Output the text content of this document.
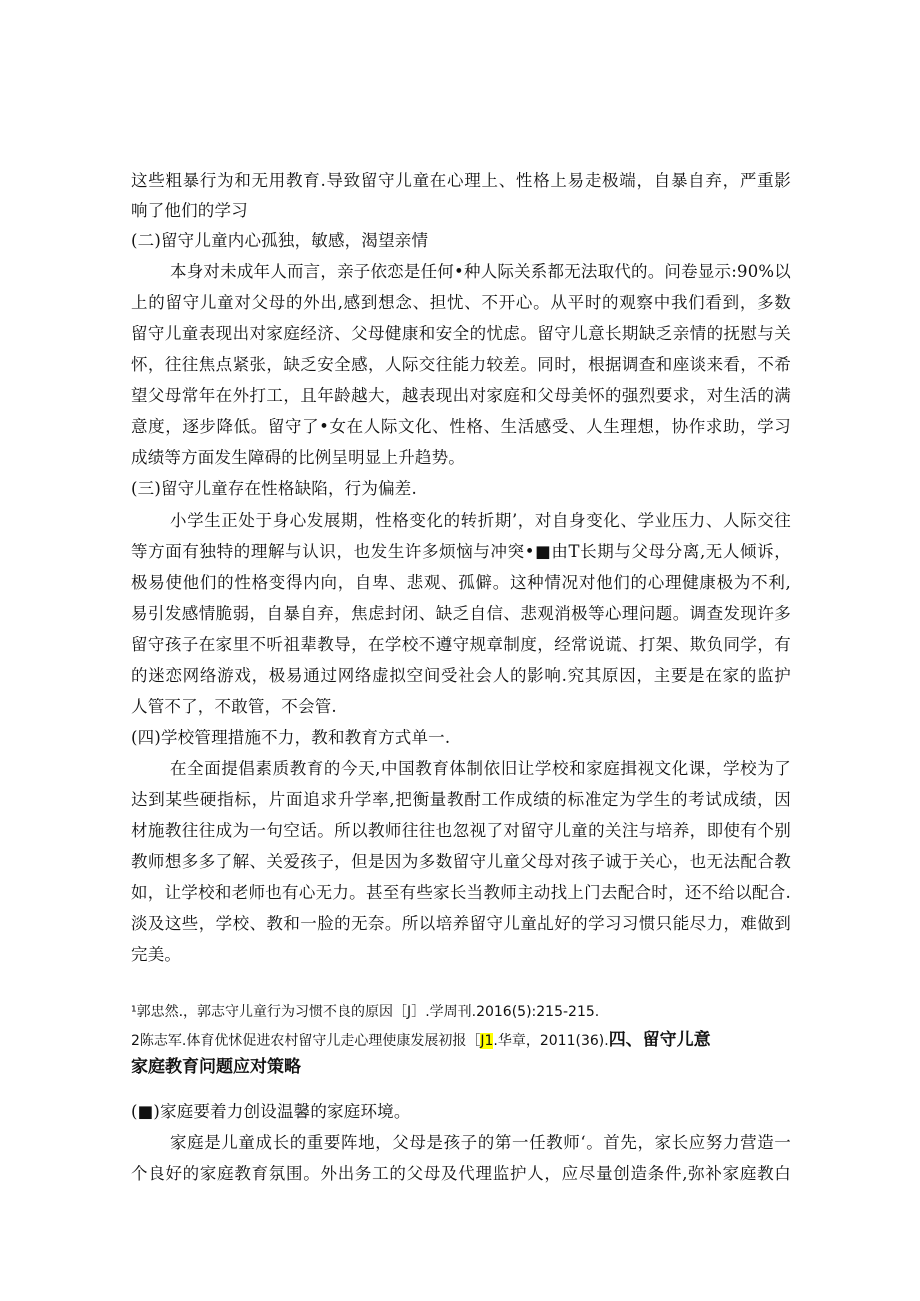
这些粗暴行为和无用教育.导致留守儿童在心理上、性格上易走极端，自暴自弃，严重影
响了他们的学习
(二)留守儿童内心孤独，敏感，渴望亲情
本身对未成年人而言，亲子依恋是任何•种人际关系都无法取代的。问卷显示:90%以
上的留守儿童对父母的外出,感到想念、担忧、不开心。从平时的观察中我们看到，多数
留守儿童表现出对家庭经济、父母健康和安全的忧虑。留守儿意长期缺乏亲情的抚慰与关
怀，往往焦点紧张，缺乏安全感，人际交往能力较差。同时，根据调查和座谈来看，不希
望父母常年在外打工，且年龄越大，越表现出对家庭和父母美怀的强烈要求，对生活的满
意度，逐步降低。留守了•女在人际文化、性格、生活感受、人生理想，协作求助，学习
成绩等方面发生障碍的比例呈明显上升趋势。
(三)留守儿童存在性格缺陷，行为偏差.
小学生正处于身心发展期，性格变化的转折期’，对自身变化、学业压力、人际交往
等方面有独特的理解与认识，也发生许多烦恼与冲突•■由T长期与父母分离,无人倾诉，
极易使他们的性格变得内向，自卑、悲观、孤僻。这种情况对他们的心理健康极为不利,
易引发感情脆弱，自暴自弃，焦虑封闭、缺乏自信、悲观消极等心理问题。调查发现许多
留守孩子在家里不听祖辈教导，在学校不遵守规章制度，经常说谎、打架、欺负同学，有
的迷恋网络游戏，极易通过网络虚拟空间受社会人的影响.究其原因，主要是在家的监护
人管不了，不敢管，不会管.
(四)学校管理措施不力，教和教育方式单一.
在全面提倡素质教育的今天,中国教育体制依旧让学校和家庭揖视文化课，学校为了
达到某些硬指标，片面追求升学率,把衡量教酎工作成绩的标准定为学生的考试成绩，因
材施教往往成为一句空话。所以教师往往也忽视了对留守儿童的关注与培养，即使有个别
教师想多多了解、关爱孩子，但是因为多数留守儿童父母对孩子诚于关心，也无法配合教
如，让学校和老师也有心无力。甚至有些家长当教师主动找上门去配合时，还不给以配合.
淡及这些，学校、教和一脸的无奈。所以培养留守儿童乩好的学习习惯只能尽力，难做到
完美。
¹郭忠然.，郭志守儿童行为习惯不良的原因［J］.学周刊.2016(5):215-215.
2陈志军.体育优怵促进农村留守儿走心理使康发展初报［J1.华章，2011(36).四、留守儿意
家庭教育问题应对策略
(■)家庭要着力创设温馨的家庭环境。
家庭是儿童成长的重要阵地，父母是孩子的第一任教师‘。首先，家长应努力营造一
个良好的家庭教育氛围。外出务工的父母及代理监护人，应尽量创造条件,弥补家庭教白
